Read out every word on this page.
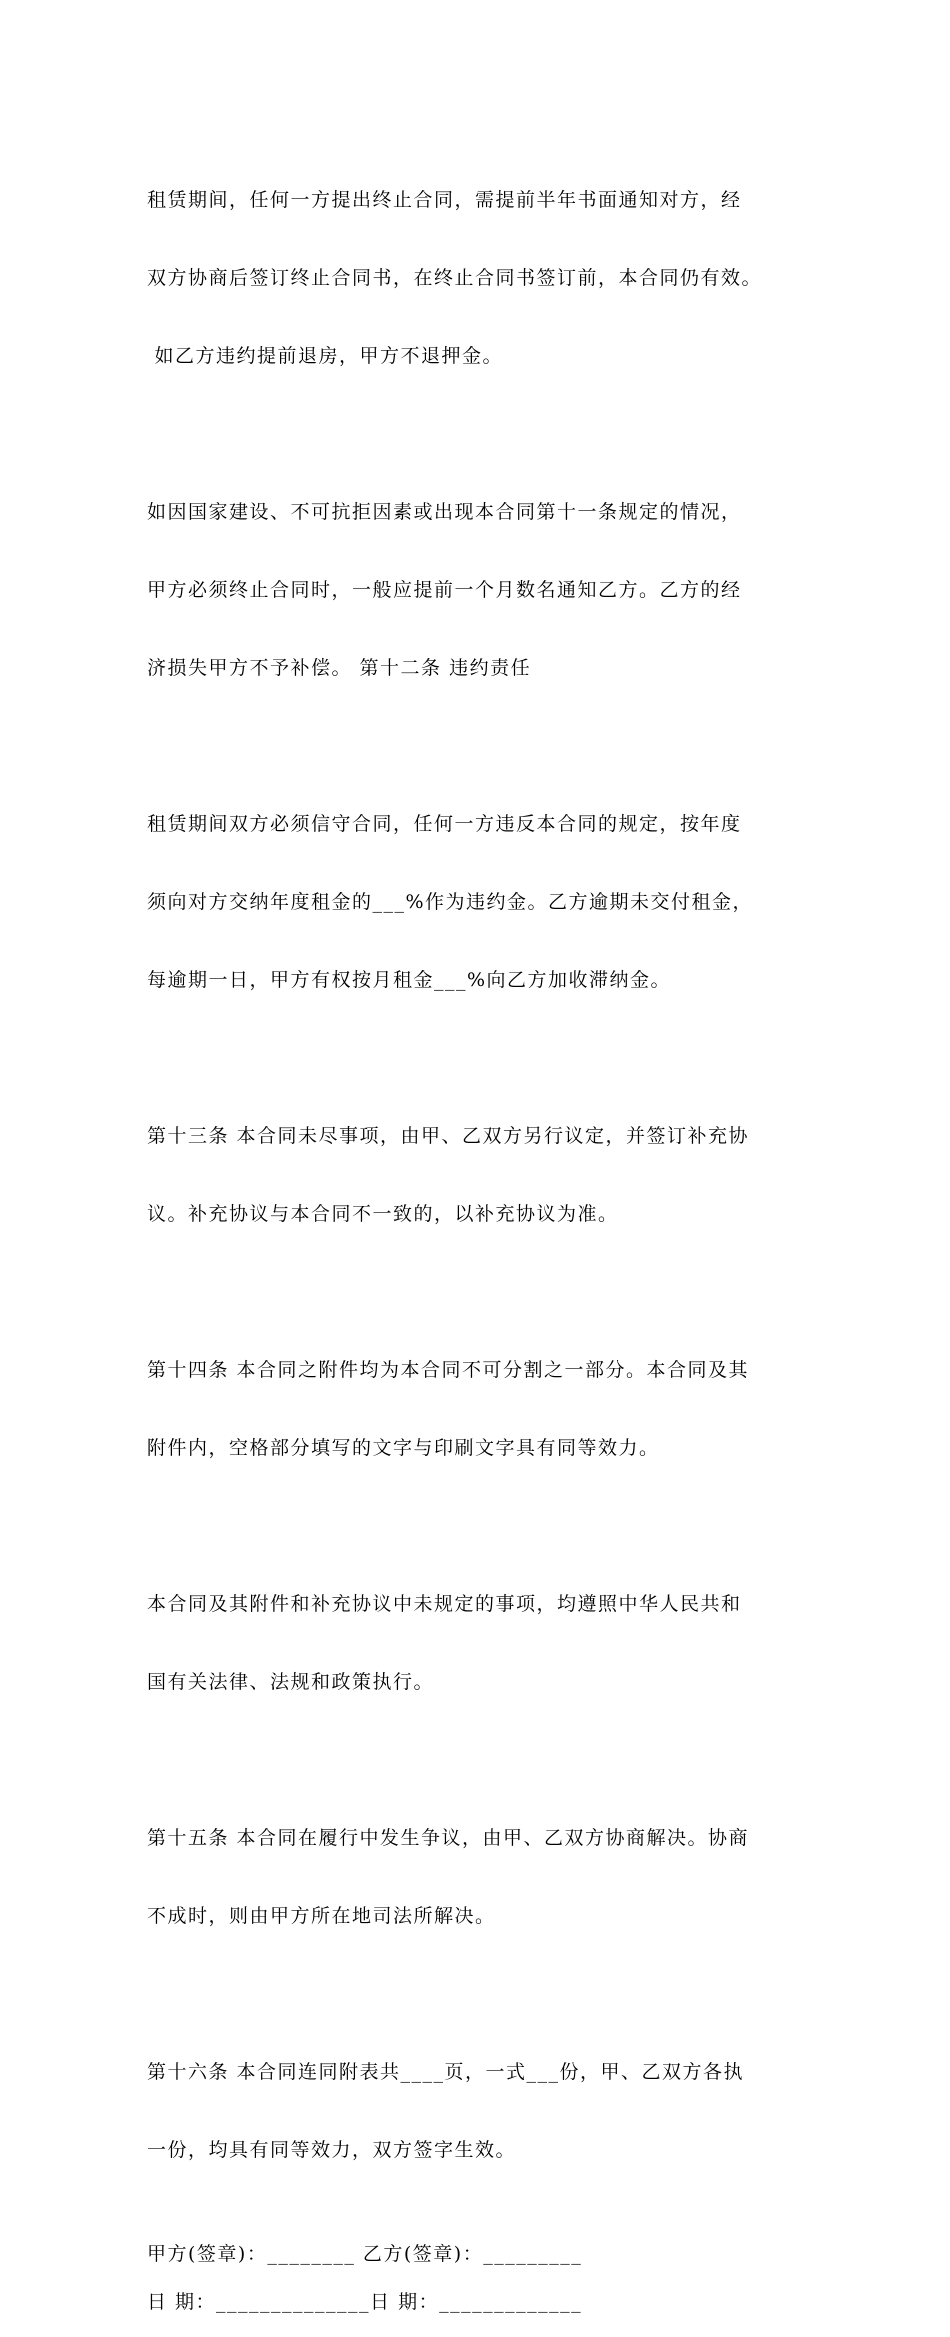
租赁期间，任何一方提出终止合同，需提前半年书面通知对方，经

双方协商后签订终止合同书，在终止合同书签订前，本合同仍有效。

如乙方违约提前退房，甲方不退押金。

如因国家建设、不可抗拒因素或出现本合同第十一条规定的情况，

甲方必须终止合同时，一般应提前一个月数名通知乙方。乙方的经

济损失甲方不予补偿。 第十二条 违约责任

租赁期间双方必须信守合同，任何一方违反本合同的规定，按年度

须向对方交纳年度租金的___%作为违约金。乙方逾期未交付租金，

每逾期一日，甲方有权按月租金___%向乙方加收滞纳金。

第十三条 本合同未尽事项，由甲、乙双方另行议定，并签订补充协

议。补充协议与本合同不一致的，以补充协议为准。

第十四条 本合同之附件均为本合同不可分割之一部分。本合同及其

附件内，空格部分填写的文字与印刷文字具有同等效力。

本合同及其附件和补充协议中未规定的事项，均遵照中华人民共和

国有关法律、法规和政策执行。

第十五条 本合同在履行中发生争议，由甲、乙双方协商解决。协商

不成时，则由甲方所在地司法所解决。

第十六条 本合同连同附表共____页，一式___份，甲、乙双方各执

一份，均具有同等效力，双方签字生效。

甲方(签章)：________ 乙方(签章)：_________
日 期：______________日 期：_____________
